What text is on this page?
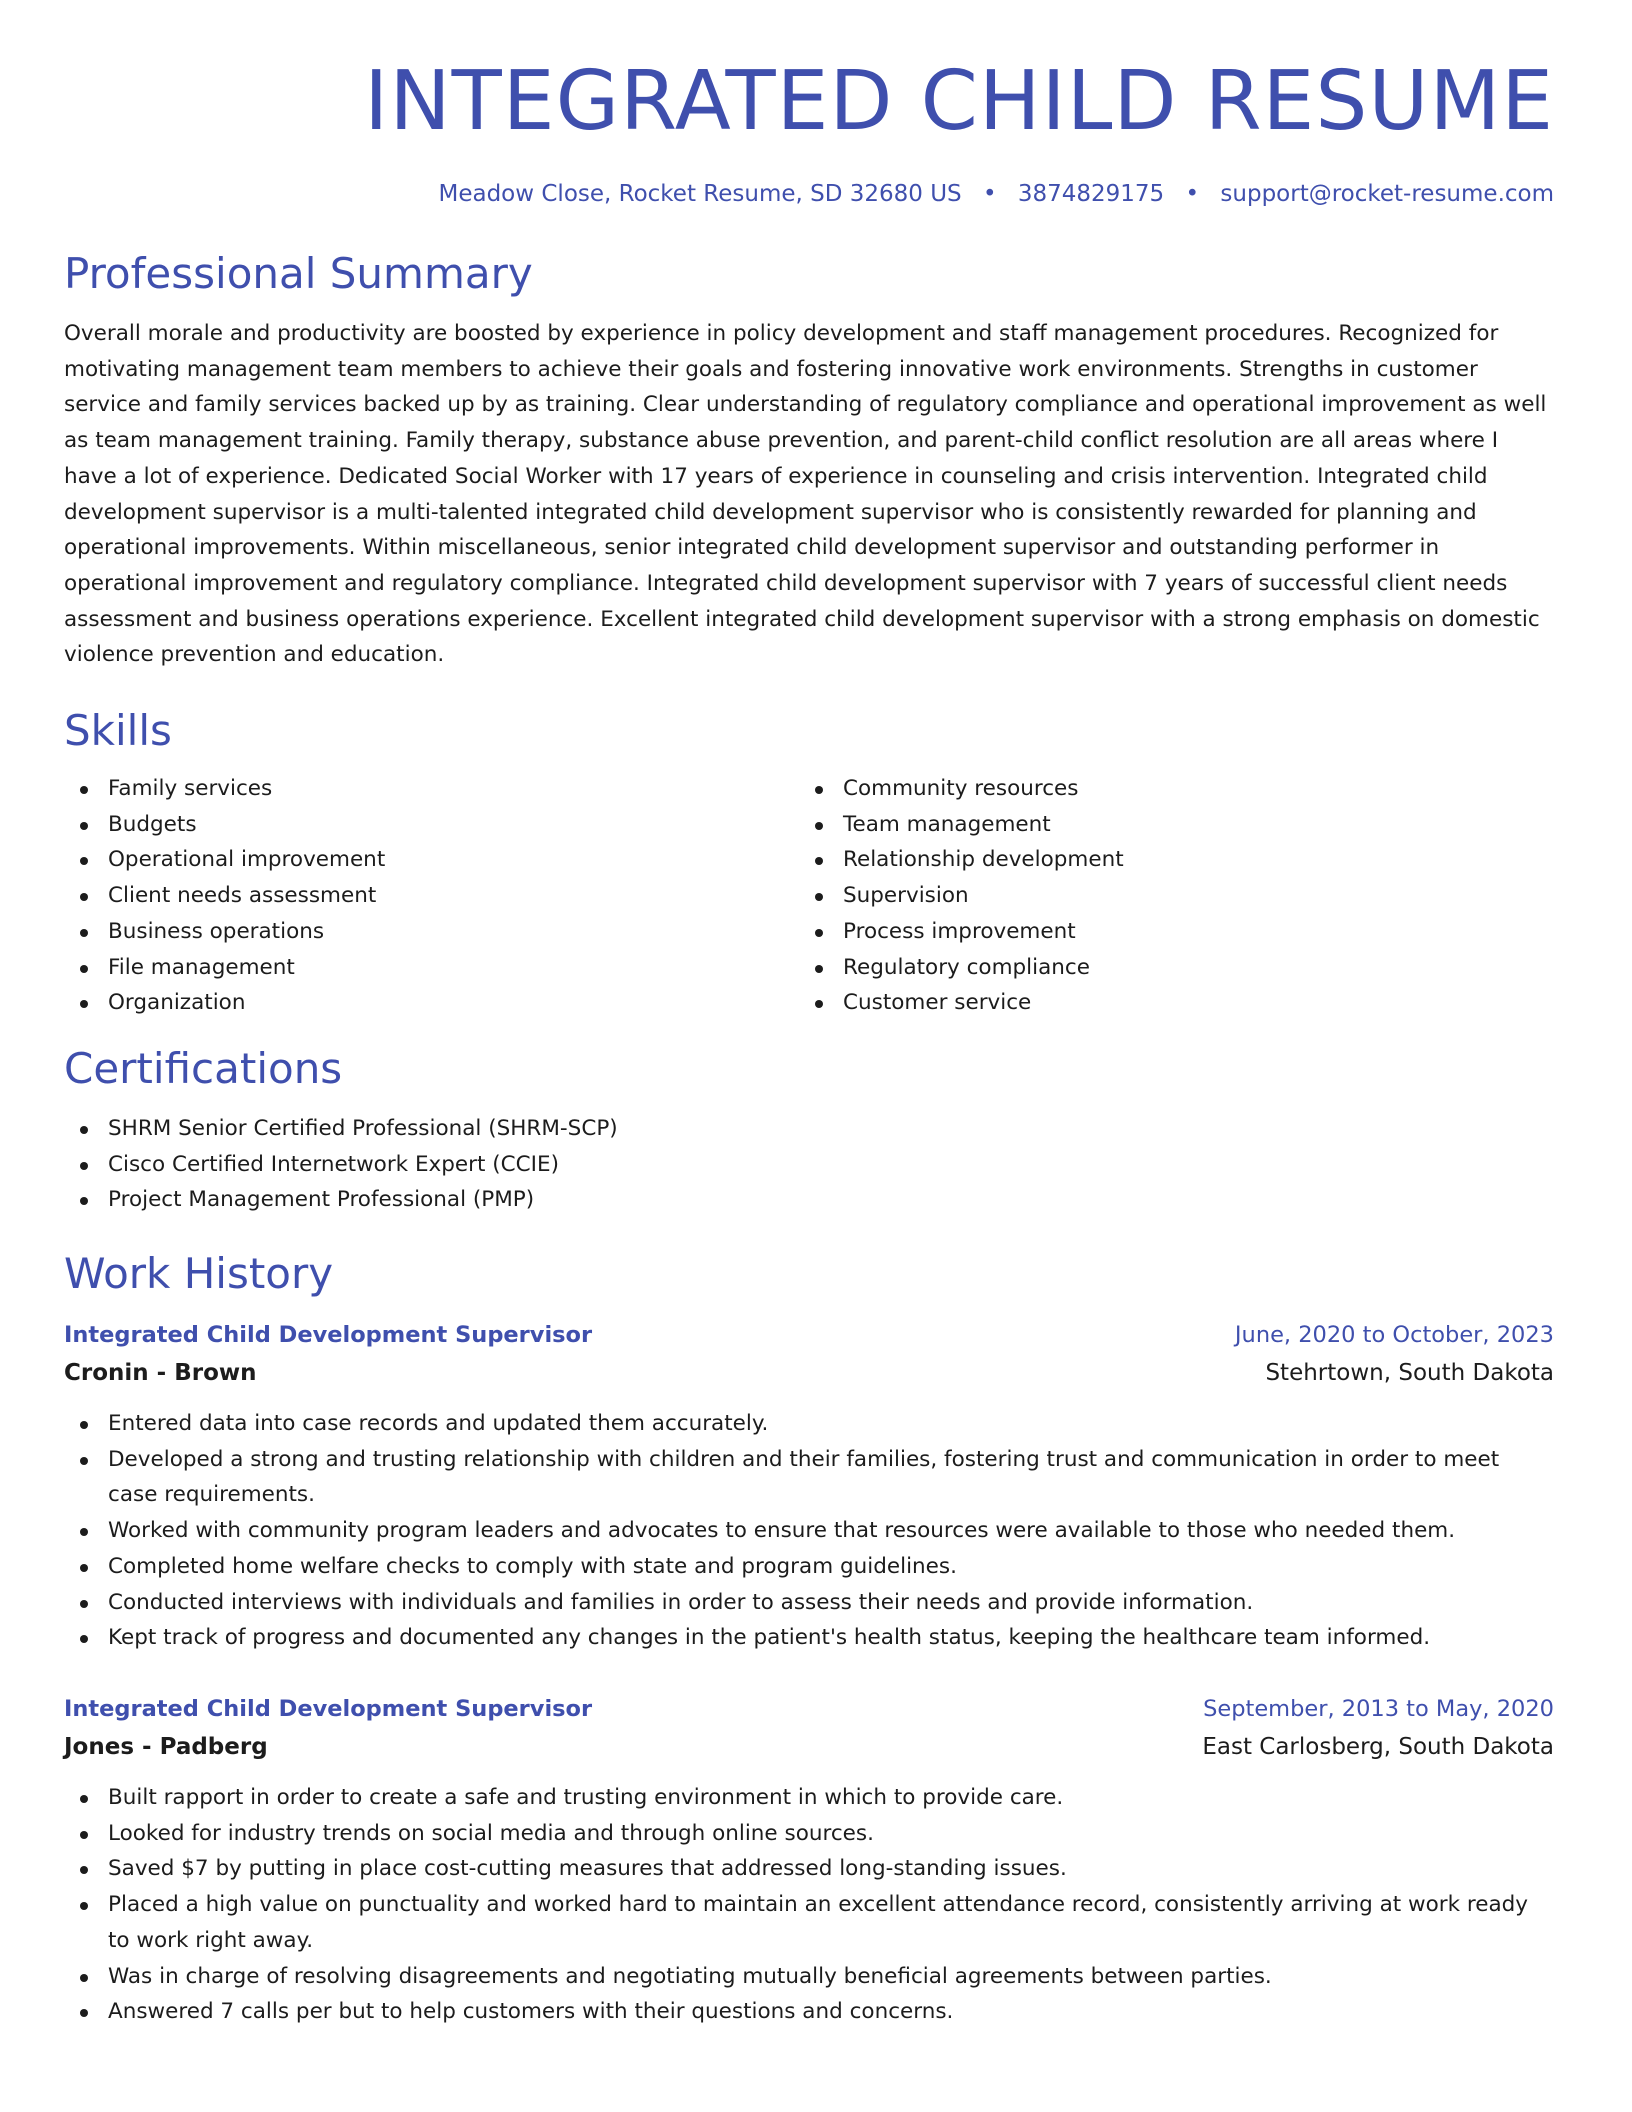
INTEGRATED CHILD RESUME
Meadow Close, Rocket Resume, SD 32680 US • 3874829175 • support@rocket-resume.com
Professional Summary

Overall morale and productivity are boosted by experience in policy development and staff management procedures. Recognized for motivating management team members to achieve their goals and fostering innovative work environments. Strengths in customer service and family services backed up by as training. Clear understanding of regulatory compliance and operational improvement as well as team management training. Family therapy, substance abuse prevention, and parent-child conflict resolution are all areas where I have a lot of experience. Dedicated Social Worker with 17 years of experience in counseling and crisis intervention. Integrated child development supervisor is a multi-talented integrated child development supervisor who is consistently rewarded for planning and operational improvements. Within miscellaneous, senior integrated child development supervisor and outstanding performer in operational improvement and regulatory compliance. Integrated child development supervisor with 7 years of successful client needs assessment and business operations experience. Excellent integrated child development supervisor with a strong emphasis on domestic violence prevention and education.

Skills
Family services
Budgets
Operational improvement
Client needs assessment
Business operations
File management
Organization
Community resources
Team management
Relationship development
Supervision
Process improvement
Regulatory compliance
Customer service
Certifications
SHRM Senior Certified Professional (SHRM-SCP)
Cisco Certified Internetwork Expert (CCIE)
Project Management Professional (PMP)
Work History
Integrated Child Development Supervisor	June, 2020 to October, 2023
Cronin - Brown	Stehrtown, South Dakota
Entered data into case records and updated them accurately.
Developed a strong and trusting relationship with children and their families, fostering trust and communication in order to meet case requirements.
Worked with community program leaders and advocates to ensure that resources were available to those who needed them.
Completed home welfare checks to comply with state and program guidelines.
Conducted interviews with individuals and families in order to assess their needs and provide information.
Kept track of progress and documented any changes in the patient's health status, keeping the healthcare team informed.
Integrated Child Development Supervisor	September, 2013 to May, 2020
Jones - Padberg	East Carlosberg, South Dakota
Built rapport in order to create a safe and trusting environment in which to provide care.
Looked for industry trends on social media and through online sources.
Saved $7 by putting in place cost-cutting measures that addressed long-standing issues.
Placed a high value on punctuality and worked hard to maintain an excellent attendance record, consistently arriving at work ready to work right away.
Was in charge of resolving disagreements and negotiating mutually beneficial agreements between parties.
Answered 7 calls per but to help customers with their questions and concerns.
